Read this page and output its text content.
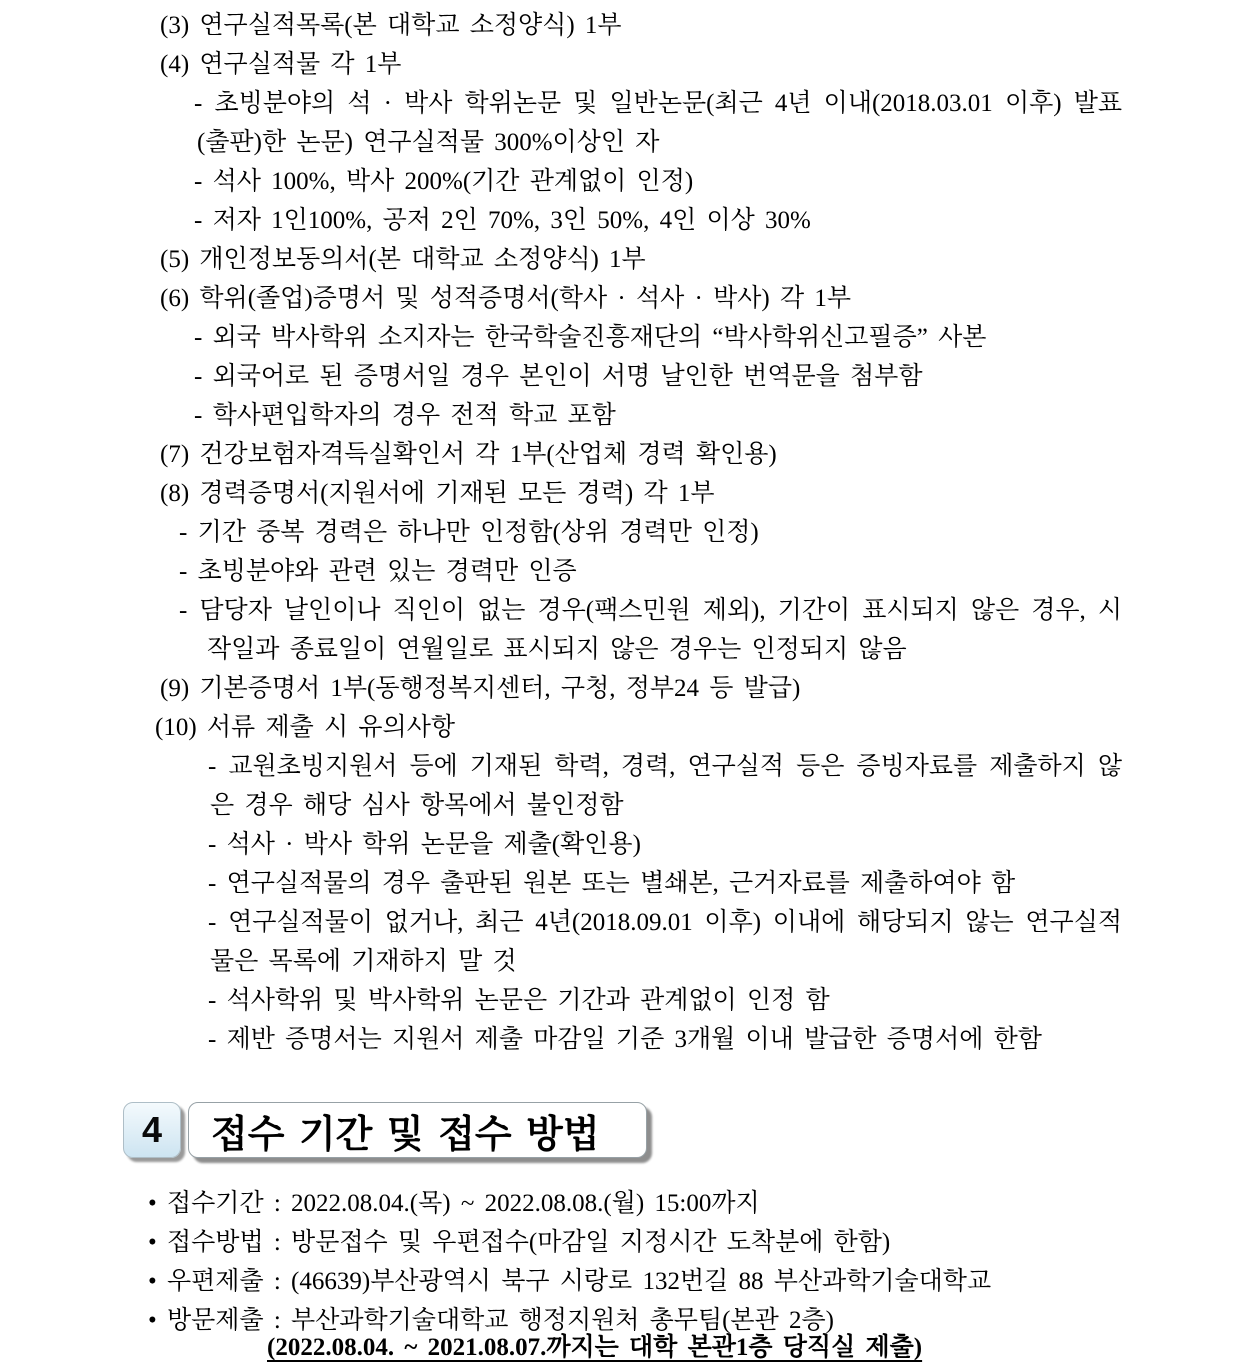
(3) 연구실적목록(본 대학교 소정양식) 1부
(4) 연구실적물 각 1부
- 초빙분야의 석 · 박사 학위논문 및 일반논문(최근 4년 이내(2018.03.01 이후) 발표(출판)한 논문) 연구실적물 300%이상인 자
- 석사 100%, 박사 200%(기간 관계없이 인정)
- 저자 1인100%, 공저 2인 70%, 3인 50%, 4인 이상 30%
(5) 개인정보동의서(본 대학교 소정양식) 1부
(6) 학위(졸업)증명서 및 성적증명서(학사 · 석사 · 박사) 각 1부
- 외국 박사학위 소지자는 한국학술진흥재단의 “박사학위신고필증” 사본
- 외국어로 된 증명서일 경우 본인이 서명 날인한 번역문을 첨부함
- 학사편입학자의 경우 전적 학교 포함
(7) 건강보험자격득실확인서 각 1부(산업체 경력 확인용)
(8) 경력증명서(지원서에 기재된 모든 경력) 각 1부
- 기간 중복 경력은 하나만 인정함(상위 경력만 인정)
- 초빙분야와 관련 있는 경력만 인증
- 담당자 날인이나 직인이 없는 경우(팩스민원 제외), 기간이 표시되지 않은 경우, 시작일과 종료일이 연월일로 표시되지 않은 경우는 인정되지 않음
(9) 기본증명서 1부(동행정복지센터, 구청, 정부24 등 발급)
(10) 서류 제출 시 유의사항
- 교원초빙지원서 등에 기재된 학력, 경력, 연구실적 등은 증빙자료를 제출하지 않은 경우 해당 심사 항목에서 불인정함
- 석사 · 박사 학위 논문을 제출(확인용)
- 연구실적물의 경우 출판된 원본 또는 별쇄본, 근거자료를 제출하여야 함
- 연구실적물이 없거나, 최근 4년(2018.09.01 이후) 이내에 해당되지 않는 연구실적물은 목록에 기재하지 말 것
- 석사학위 및 박사학위 논문은 기간과 관계없이 인정 함
- 제반 증명서는 지원서 제출 마감일 기준 3개월 이내 발급한 증명서에 한함
4 접수 기간 및 접수 방법
• 접수기간 : 2022.08.04.(목) ~ 2022.08.08.(월) 15:00까지
• 접수방법 : 방문접수 및 우편접수(마감일 지정시간 도착분에 한함)
• 우편제출 : (46639)부산광역시 북구 시랑로 132번길 88 부산과학기술대학교
• 방문제출 : 부산과학기술대학교 행정지원처 총무팀(본관 2층)
(2022.08.04. ~ 2021.08.07.까지는 대학 본관1층 당직실 제출)
